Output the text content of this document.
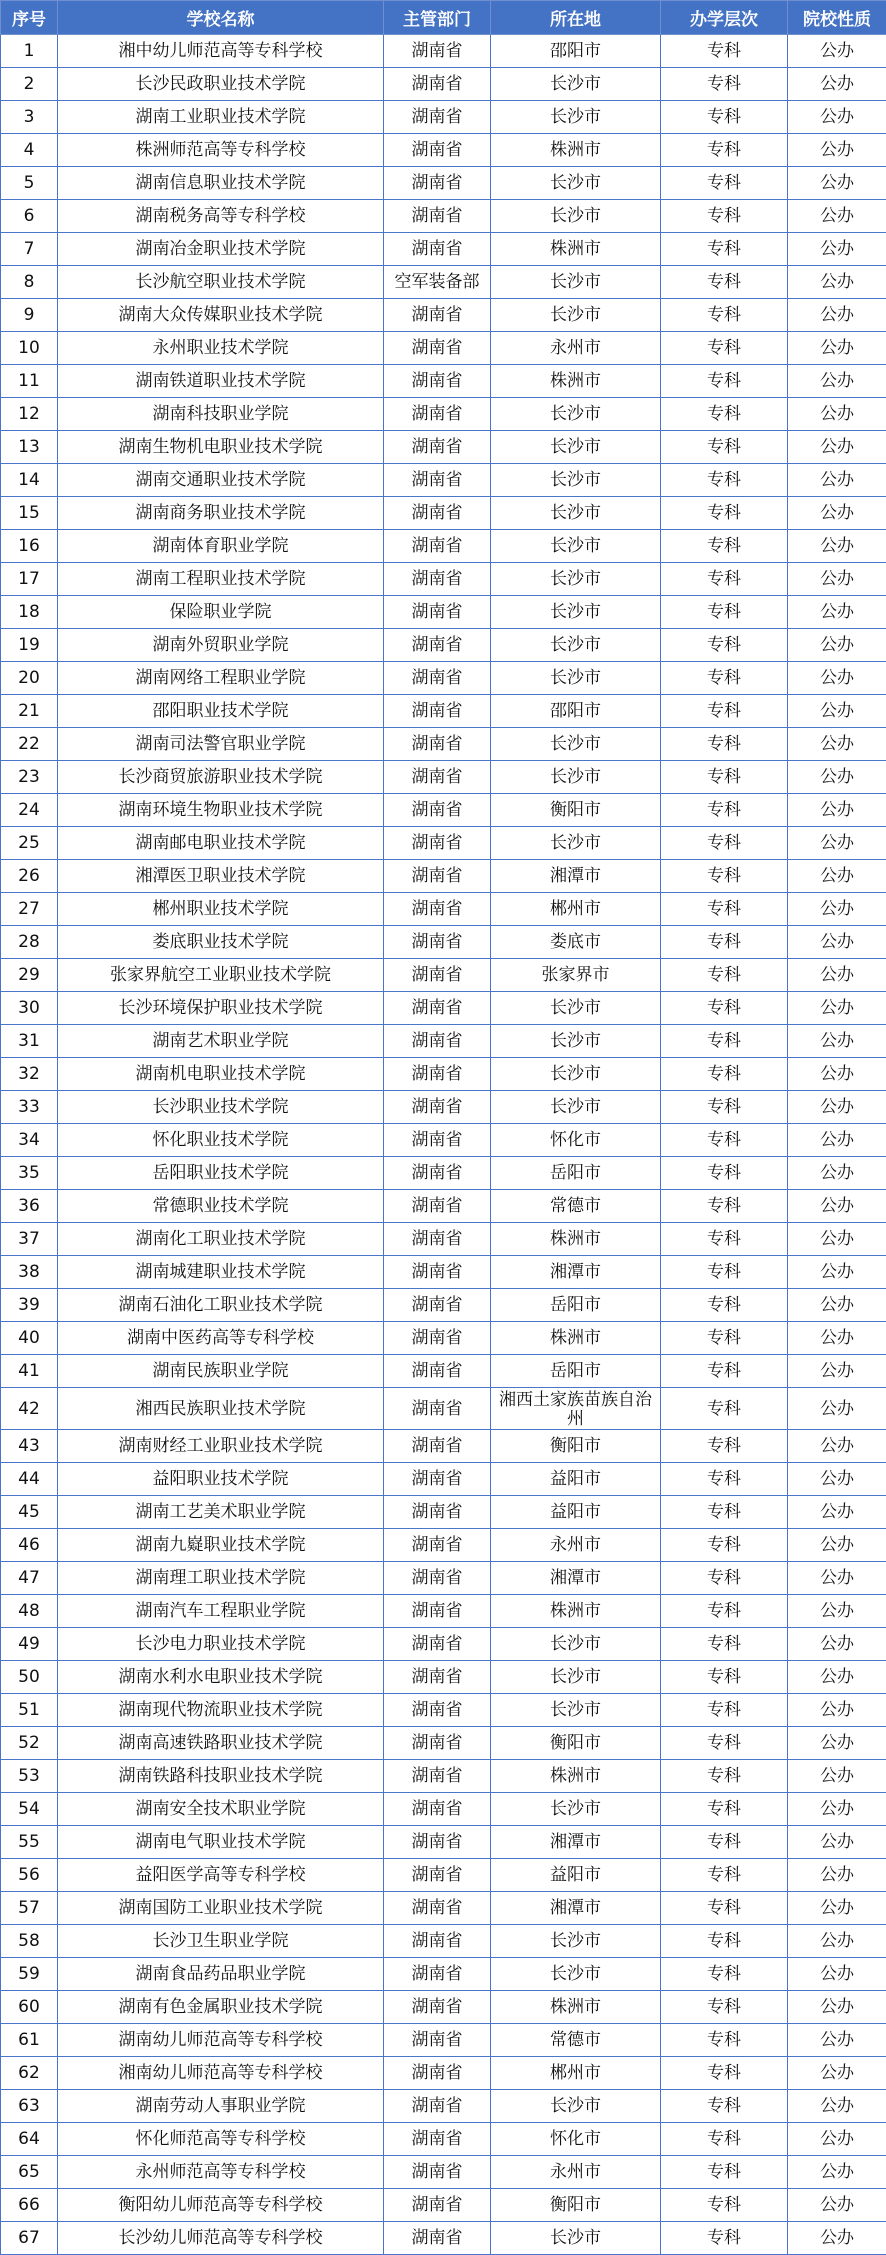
序号	学校名称	主管部门	所在地	办学层次	院校性质
1	湘中幼儿师范高等专科学校	湖南省	邵阳市	专科	公办
2	长沙民政职业技术学院	湖南省	长沙市	专科	公办
3	湖南工业职业技术学院	湖南省	长沙市	专科	公办
4	株洲师范高等专科学校	湖南省	株洲市	专科	公办
5	湖南信息职业技术学院	湖南省	长沙市	专科	公办
6	湖南税务高等专科学校	湖南省	长沙市	专科	公办
7	湖南冶金职业技术学院	湖南省	株洲市	专科	公办
8	长沙航空职业技术学院	空军装备部	长沙市	专科	公办
9	湖南大众传媒职业技术学院	湖南省	长沙市	专科	公办
10	永州职业技术学院	湖南省	永州市	专科	公办
11	湖南铁道职业技术学院	湖南省	株洲市	专科	公办
12	湖南科技职业学院	湖南省	长沙市	专科	公办
13	湖南生物机电职业技术学院	湖南省	长沙市	专科	公办
14	湖南交通职业技术学院	湖南省	长沙市	专科	公办
15	湖南商务职业技术学院	湖南省	长沙市	专科	公办
16	湖南体育职业学院	湖南省	长沙市	专科	公办
17	湖南工程职业技术学院	湖南省	长沙市	专科	公办
18	保险职业学院	湖南省	长沙市	专科	公办
19	湖南外贸职业学院	湖南省	长沙市	专科	公办
20	湖南网络工程职业学院	湖南省	长沙市	专科	公办
21	邵阳职业技术学院	湖南省	邵阳市	专科	公办
22	湖南司法警官职业学院	湖南省	长沙市	专科	公办
23	长沙商贸旅游职业技术学院	湖南省	长沙市	专科	公办
24	湖南环境生物职业技术学院	湖南省	衡阳市	专科	公办
25	湖南邮电职业技术学院	湖南省	长沙市	专科	公办
26	湘潭医卫职业技术学院	湖南省	湘潭市	专科	公办
27	郴州职业技术学院	湖南省	郴州市	专科	公办
28	娄底职业技术学院	湖南省	娄底市	专科	公办
29	张家界航空工业职业技术学院	湖南省	张家界市	专科	公办
30	长沙环境保护职业技术学院	湖南省	长沙市	专科	公办
31	湖南艺术职业学院	湖南省	长沙市	专科	公办
32	湖南机电职业技术学院	湖南省	长沙市	专科	公办
33	长沙职业技术学院	湖南省	长沙市	专科	公办
34	怀化职业技术学院	湖南省	怀化市	专科	公办
35	岳阳职业技术学院	湖南省	岳阳市	专科	公办
36	常德职业技术学院	湖南省	常德市	专科	公办
37	湖南化工职业技术学院	湖南省	株洲市	专科	公办
38	湖南城建职业技术学院	湖南省	湘潭市	专科	公办
39	湖南石油化工职业技术学院	湖南省	岳阳市	专科	公办
40	湖南中医药高等专科学校	湖南省	株洲市	专科	公办
41	湖南民族职业学院	湖南省	岳阳市	专科	公办
42	湘西民族职业技术学院	湖南省	湘西土家族苗族自治州	专科	公办
43	湖南财经工业职业技术学院	湖南省	衡阳市	专科	公办
44	益阳职业技术学院	湖南省	益阳市	专科	公办
45	湖南工艺美术职业学院	湖南省	益阳市	专科	公办
46	湖南九嶷职业技术学院	湖南省	永州市	专科	公办
47	湖南理工职业技术学院	湖南省	湘潭市	专科	公办
48	湖南汽车工程职业学院	湖南省	株洲市	专科	公办
49	长沙电力职业技术学院	湖南省	长沙市	专科	公办
50	湖南水利水电职业技术学院	湖南省	长沙市	专科	公办
51	湖南现代物流职业技术学院	湖南省	长沙市	专科	公办
52	湖南高速铁路职业技术学院	湖南省	衡阳市	专科	公办
53	湖南铁路科技职业技术学院	湖南省	株洲市	专科	公办
54	湖南安全技术职业学院	湖南省	长沙市	专科	公办
55	湖南电气职业技术学院	湖南省	湘潭市	专科	公办
56	益阳医学高等专科学校	湖南省	益阳市	专科	公办
57	湖南国防工业职业技术学院	湖南省	湘潭市	专科	公办
58	长沙卫生职业学院	湖南省	长沙市	专科	公办
59	湖南食品药品职业学院	湖南省	长沙市	专科	公办
60	湖南有色金属职业技术学院	湖南省	株洲市	专科	公办
61	湖南幼儿师范高等专科学校	湖南省	常德市	专科	公办
62	湘南幼儿师范高等专科学校	湖南省	郴州市	专科	公办
63	湖南劳动人事职业学院	湖南省	长沙市	专科	公办
64	怀化师范高等专科学校	湖南省	怀化市	专科	公办
65	永州师范高等专科学校	湖南省	永州市	专科	公办
66	衡阳幼儿师范高等专科学校	湖南省	衡阳市	专科	公办
67	长沙幼儿师范高等专科学校	湖南省	长沙市	专科	公办
